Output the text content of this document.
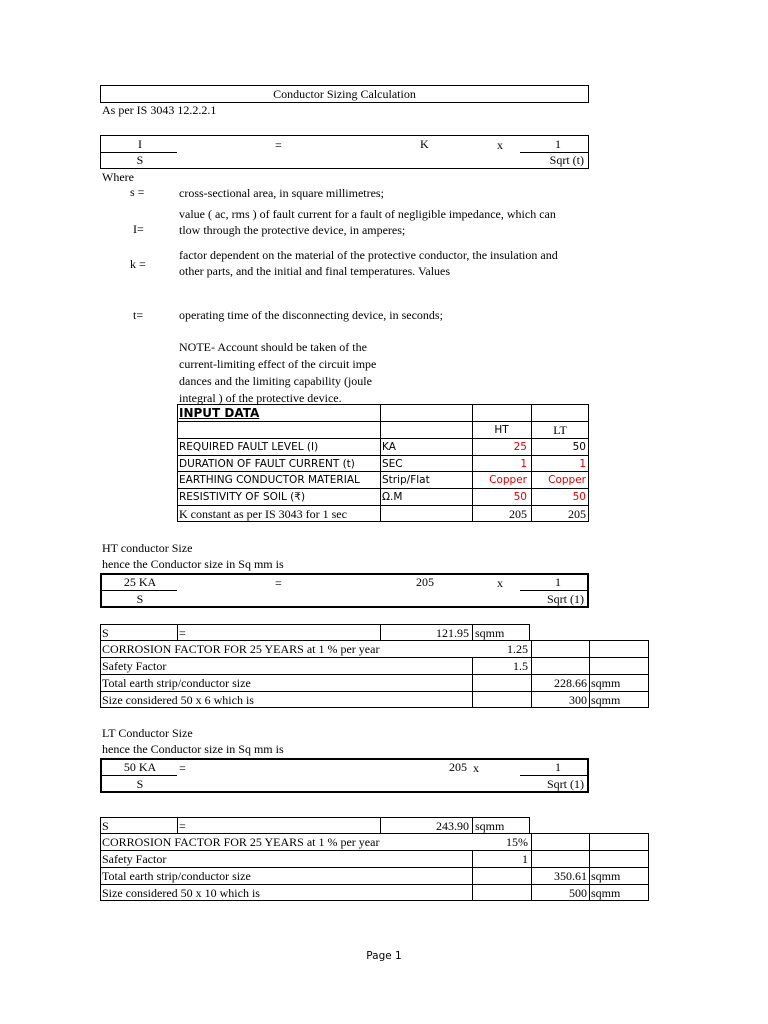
Conductor Sizing Calculation
As per IS 3043 12.2.2.1
I
S
=	K	x	1
Sqrt (t)
Where
s =	cross-sectional area, in square millimetres;
value ( ac, rms ) of fault current for a fault of negligible impedance, which can
I=	tlow through the protective device, in amperes;
factor dependent on the material of the protective conductor, the insulation and
k =	other parts, and the initial and final temperatures. Values
t=	operating time of the disconnecting device, in seconds;
NOTE- Account should be taken of the
current-limiting effect of the circuit impe
dances and the limiting capability (joule
integral ) of the protective device.
INPUT DATA
HT	LT
REQUIRED FAULT LEVEL (I)	KA	25	50
DURATION OF FAULT CURRENT (t)	SEC	1	1
EARTHING CONDUCTOR MATERIAL Strip/Flat	Copper	Copper
RESISTIVITY OF SOIL (₹)	Ω.M	50	50
K constant as per IS 3043 for 1 sec	205	205
HT conductor Size
hence the Conductor size in Sq mm is
25 KA
S
=	205	x	1
Sqrt (1)
S	=	121.95 sqmm
CORROSION FACTOR FOR 25 YEARS at 1 % per year	1.25
Safety Factor	1.5
Total earth strip/conductor size	228.66 sqmm
Size considered 50 x 6 which is	300 sqmm
LT Conductor Size
hence the Conductor size in Sq mm is
50 KA
S
=	205 x	1
Sqrt (1)
S	=	243.90 sqmm
CORROSION FACTOR FOR 25 YEARS at 1 % per year	15%
Safety Factor	1
Total earth strip/conductor size	350.61 sqmm
Size considered 50 x 10 which is	500 sqmm
Page 1
